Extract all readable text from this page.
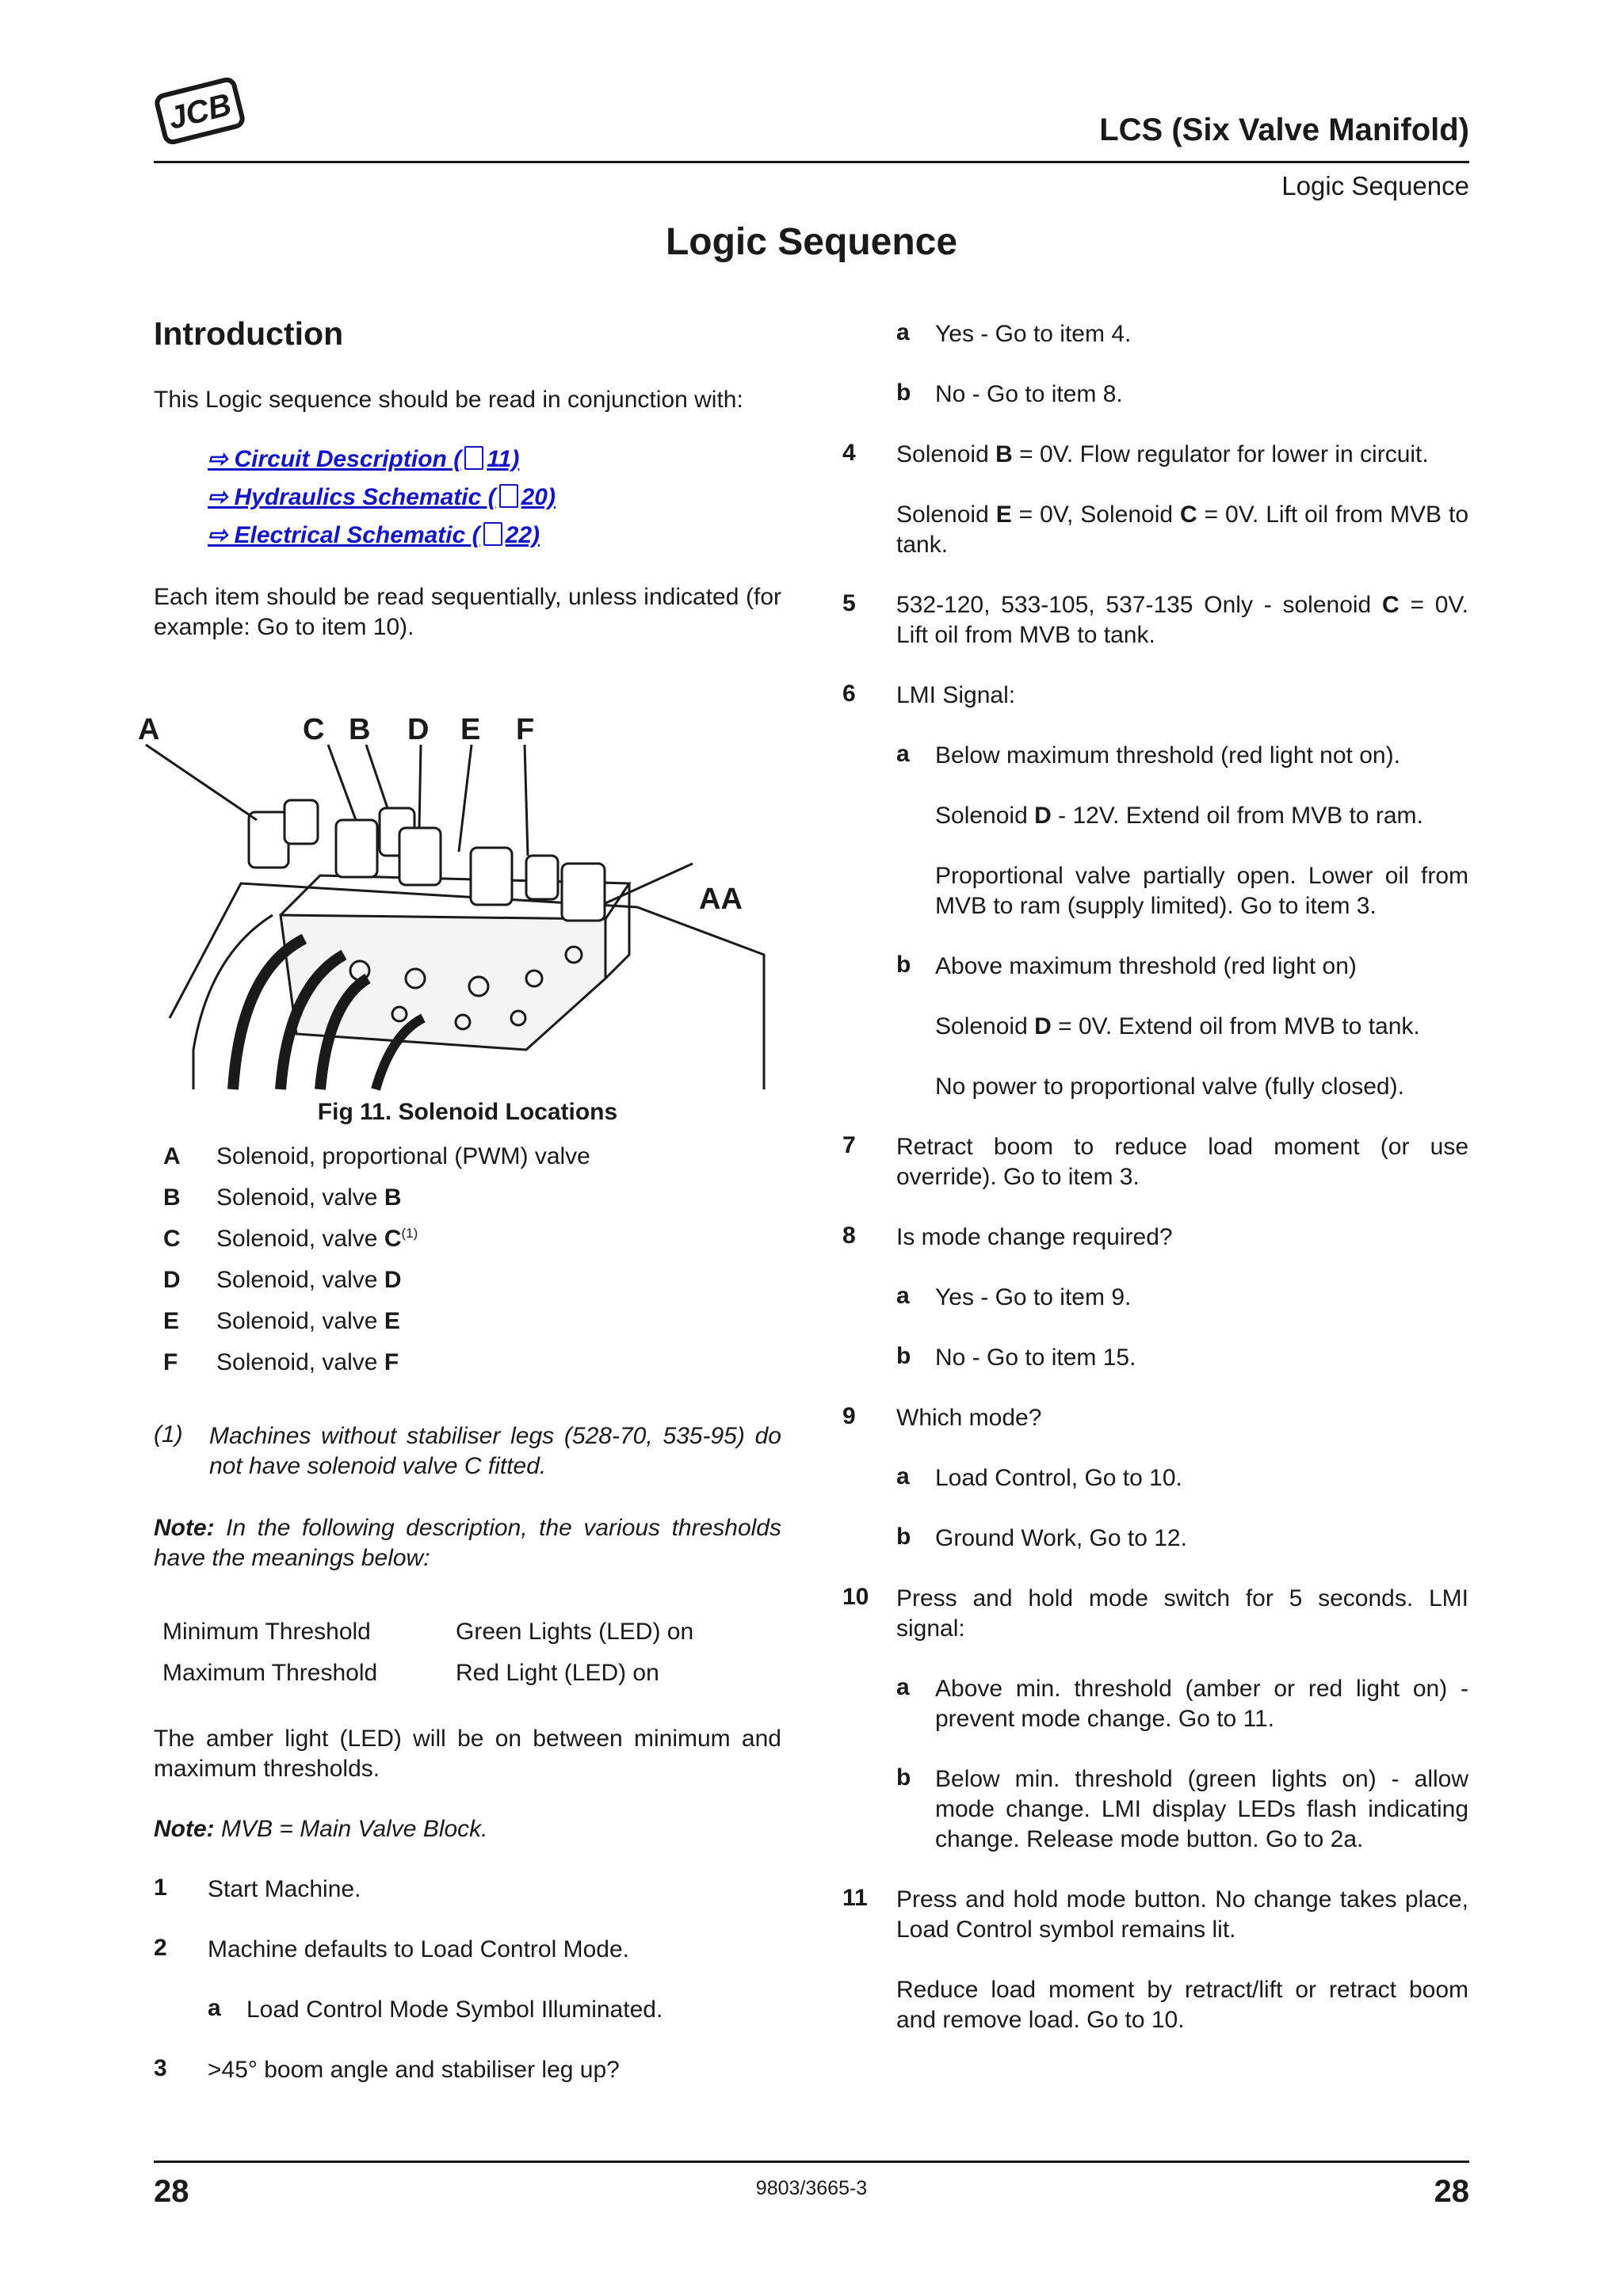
JCB	LCS (Six Valve Manifold)
Logic Sequence
Logic Sequence
Introduction
This Logic sequence should be read in conjunction with:
⇨ Circuit Description ( 11)
⇨ Hydraulics Schematic ( 20)
⇨ Electrical Schematic ( 22)
Each item should be read sequentially, unless indicated (for example: Go to item 10).
A	C B D E F
AA
Fig 11. Solenoid Locations
A Solenoid, proportional (PWM) valve
B Solenoid, valve B
C Solenoid, valve $C^{(1)}$
D Solenoid, valve D
E Solenoid, valve E
F Solenoid, valve F
(1) Machines without stabiliser legs (528-70, 535-95) do not have solenoid valve C fitted.
Note: In the following description, the various thresholds have the meanings below:
Minimum Threshold	Green Lights (LED) on
Maximum Threshold	Red Light (LED) on
The amber light (LED) will be on between minimum and maximum thresholds.
Note: MVB = Main Valve Block.
1 Start Machine.
2 Machine defaults to Load Control Mode.
a Load Control Mode Symbol Illuminated.
3 >45° boom angle and stabiliser leg up?
a Yes - Go to item 4.
b No - Go to item 8.
4 Solenoid B = 0V. Flow regulator for lower in circuit.
Solenoid E = 0V, Solenoid C = 0V. Lift oil from MVB to tank.
5 532-120, 533-105, 537-135 Only - solenoid C = 0V. Lift oil from MVB to tank.
6 LMI Signal:
a Below maximum threshold (red light not on).
Solenoid D - 12V. Extend oil from MVB to ram.
Proportional valve partially open. Lower oil from MVB to ram (supply limited). Go to item 3.
b Above maximum threshold (red light on)
Solenoid D = 0V. Extend oil from MVB to tank.
No power to proportional valve (fully closed).
7 Retract boom to reduce load moment (or use override). Go to item 3.
8 Is mode change required?
a Yes - Go to item 9.
b No - Go to item 15.
9 Which mode?
a Load Control, Go to 10.
b Ground Work, Go to 12.
10 Press and hold mode switch for 5 seconds. LMI signal:
a Above min. threshold (amber or red light on) - prevent mode change. Go to 11.
b Below min. threshold (green lights on) - allow mode change. LMI display LEDs flash indicating change. Release mode button. Go to 2a.
11 Press and hold mode button. No change takes place, Load Control symbol remains lit.
Reduce load moment by retract/lift or retract boom and remove load. Go to 10.
28	9803/3665-3	28
